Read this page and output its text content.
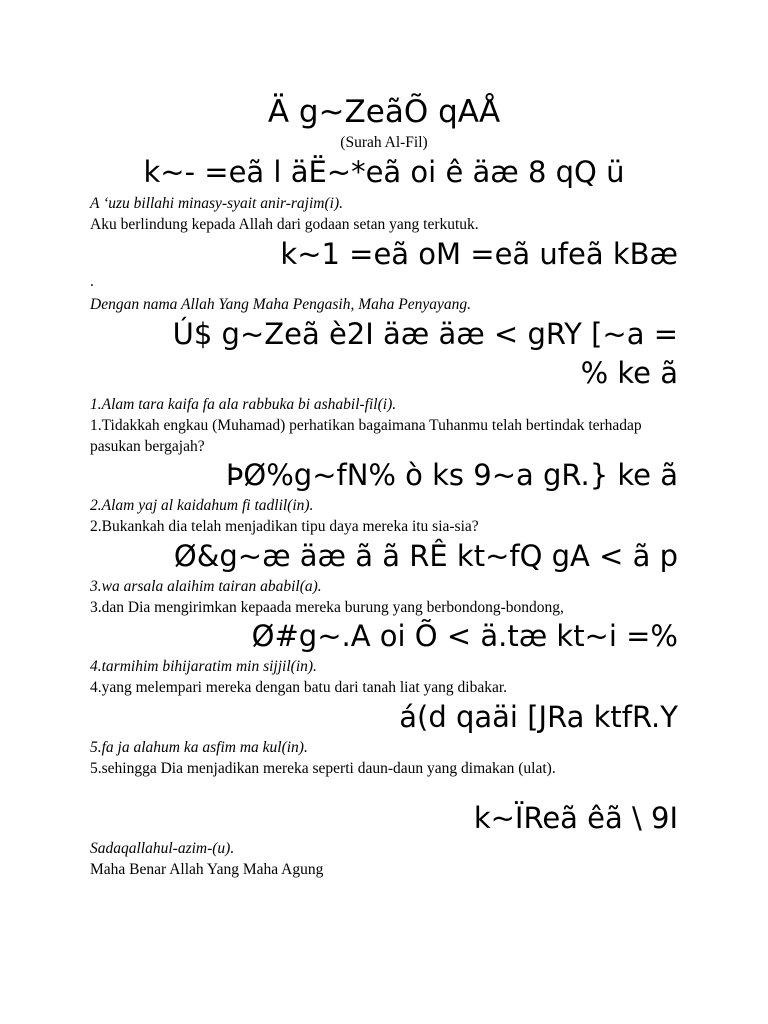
Ä g~ZeãÕ qAÅ
(Surah Al-Fil)
k~- =eã l äË~*eã oi ê äæ 8 qQ ü
A ‘uzu billahi minasy-syait anir-rajim(i).
Aku berlindung kepada Allah dari godaan setan yang terkutuk.
k~1 =eã oM =eã ufeã kBæ
.
Dengan nama Allah Yang Maha Pengasih, Maha Penyayang.
Ú$ g~Zeã è2I äæ äæ < gRY [~a =
% ke ã
1.Alam tara kaifa fa ala rabbuka bi ashabil-fil(i).
1.Tidakkah engkau (Muhamad) perhatikan bagaimana Tuhanmu telah bertindak terhadap pasukan bergajah?
ÞØ%g~fN% ò ks 9~a gR.} ke ã
2.Alam yaj al kaidahum fi tadlil(in).
2.Bukankah dia telah menjadikan tipu daya mereka itu sia-sia?
Ø&g~æ äæ ã ã RÊ kt~fQ gA < ã p
3.wa arsala alaihim tairan ababil(a).
3.dan Dia mengirimkan kepaada mereka burung yang berbondong-bondong,
Ø#g~.A oi Õ < ä.tæ kt~i =%
4.tarmihim bihijaratim min sijjil(in).
4.yang melempari mereka dengan batu dari tanah liat yang dibakar.
á(d qaäi [JRa ktfR.Y
5.fa ja alahum ka asfim ma kul(in).
5.sehingga Dia menjadikan mereka seperti daun-daun yang dimakan (ulat).
k~ÏReã êã \ 9I
Sadaqallahul-azim-(u).
Maha Benar Allah Yang Maha Agung
